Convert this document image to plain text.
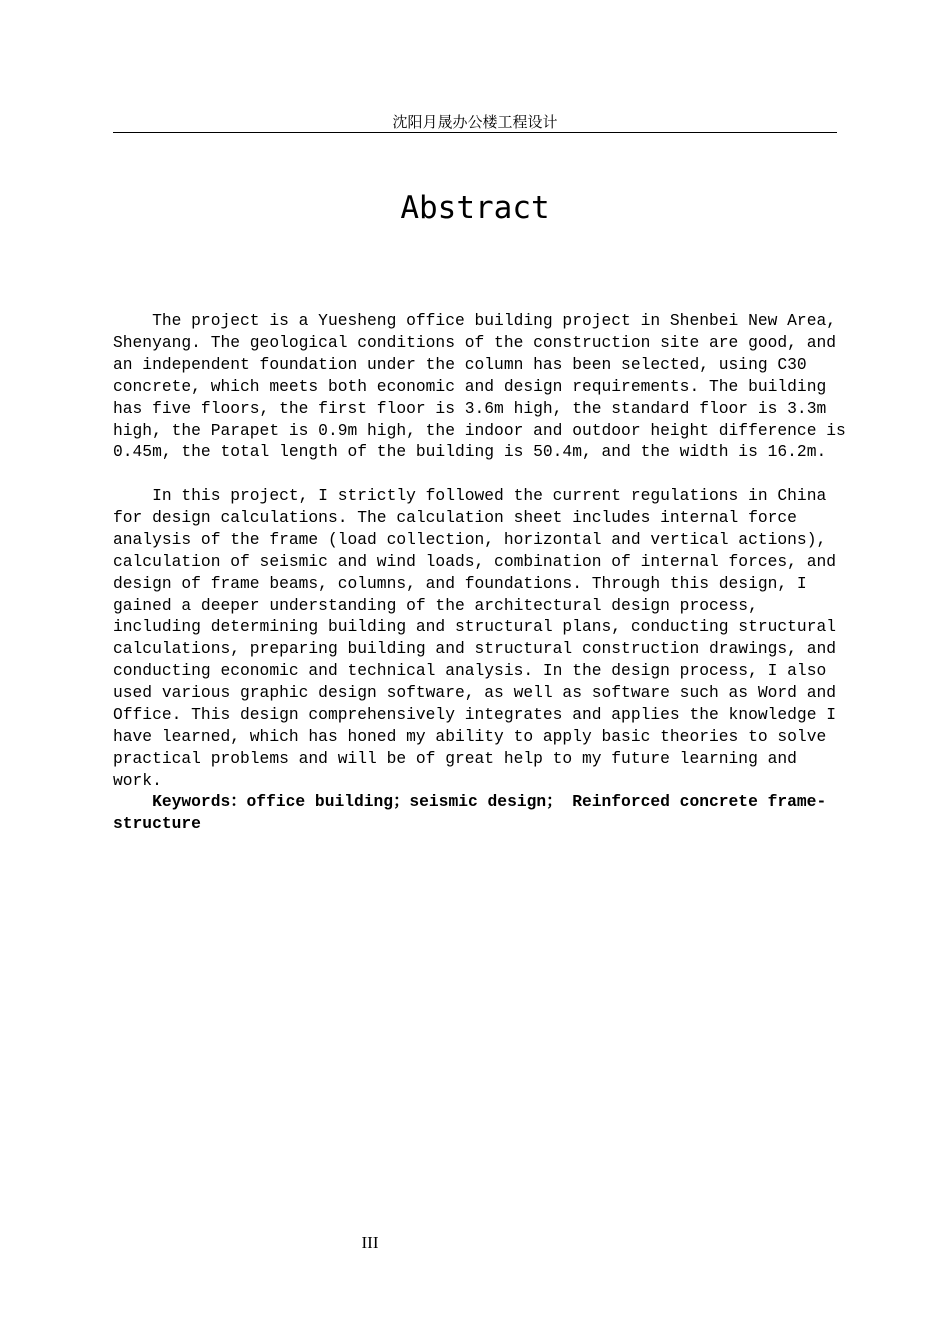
沈阳月晟办公楼工程设计
Abstract

The project is a Yuesheng office building project in Shenbei New Area,
Shenyang. The geological conditions of the construction site are good, and
an independent foundation under the column has been selected, using C30
concrete, which meets both economic and design requirements. The building
has five floors, the first floor is 3.6m high, the standard floor is 3.3m
high, the Parapet is 0.9m high, the indoor and outdoor height difference is
0.45m, the total length of the building is 50.4m, and the width is 16.2m.

In this project, I strictly followed the current regulations in China
for design calculations. The calculation sheet includes internal force
analysis of the frame (load collection, horizontal and vertical actions),
calculation of seismic and wind loads, combination of internal forces, and
design of frame beams, columns, and foundations. Through this design, I
gained a deeper understanding of the architectural design process,
including determining building and structural plans, conducting structural
calculations, preparing building and structural construction drawings, and
conducting economic and technical analysis. In the design process, I also
used various graphic design software, as well as software such as Word and
Office. This design comprehensively integrates and applies the knowledge I
have learned, which has honed my ability to apply basic theories to solve
practical problems and will be of great help to my future learning and
work.

Keywords：office building；seismic design； Reinforced concrete frame-
structure

III
